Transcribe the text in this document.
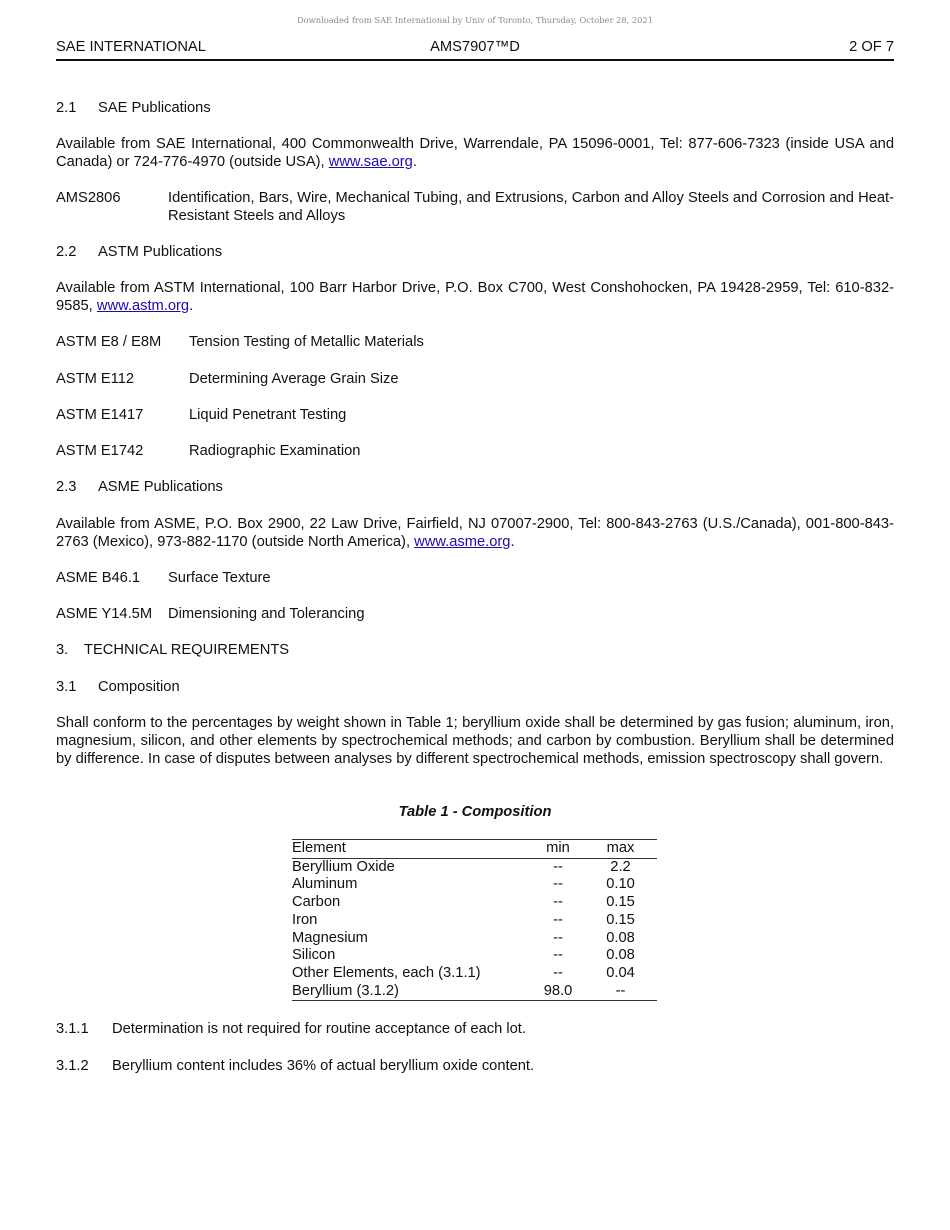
Downloaded from SAE International by Univ of Toronto, Thursday, October 28, 2021
SAE INTERNATIONAL	AMS7907™D	2 OF 7
2.1 SAE Publications
Available from SAE International, 400 Commonwealth Drive, Warrendale, PA 15096-0001, Tel: 877-606-7323 (inside USA and Canada) or 724-776-4970 (outside USA), www.sae.org.
AMS2806	Identification, Bars, Wire, Mechanical Tubing, and Extrusions, Carbon and Alloy Steels and Corrosion and Heat-Resistant Steels and Alloys
2.2 ASTM Publications
Available from ASTM International, 100 Barr Harbor Drive, P.O. Box C700, West Conshohocken, PA 19428-2959, Tel: 610-832-9585, www.astm.org.
ASTM E8 / E8M Tension Testing of Metallic Materials
ASTM E112	Determining Average Grain Size
ASTM E1417	Liquid Penetrant Testing
ASTM E1742	Radiographic Examination
2.3 ASME Publications
Available from ASME, P.O. Box 2900, 22 Law Drive, Fairfield, NJ 07007-2900, Tel: 800-843-2763 (U.S./Canada), 001-800-843-2763 (Mexico), 973-882-1170 (outside North America), www.asme.org.
ASME B46.1 Surface Texture
ASME Y14.5M Dimensioning and Tolerancing
3. TECHNICAL REQUIREMENTS
3.1 Composition
Shall conform to the percentages by weight shown in Table 1; beryllium oxide shall be determined by gas fusion; aluminum, iron, magnesium, silicon, and other elements by spectrochemical methods; and carbon by combustion. Beryllium shall be determined by difference. In case of disputes between analyses by different spectrochemical methods, emission spectroscopy shall govern.
Table 1 - Composition
Element	min	max
Beryllium Oxide	--	2.2
Aluminum	--	0.10
Carbon	--	0.15
Iron	--	0.15
Magnesium	--	0.08
Silicon	--	0.08
Other Elements, each (3.1.1)	--	0.04
Beryllium (3.1.2)	98.0	--
3.1.1 Determination is not required for routine acceptance of each lot.
3.1.2 Beryllium content includes 36% of actual beryllium oxide content.
